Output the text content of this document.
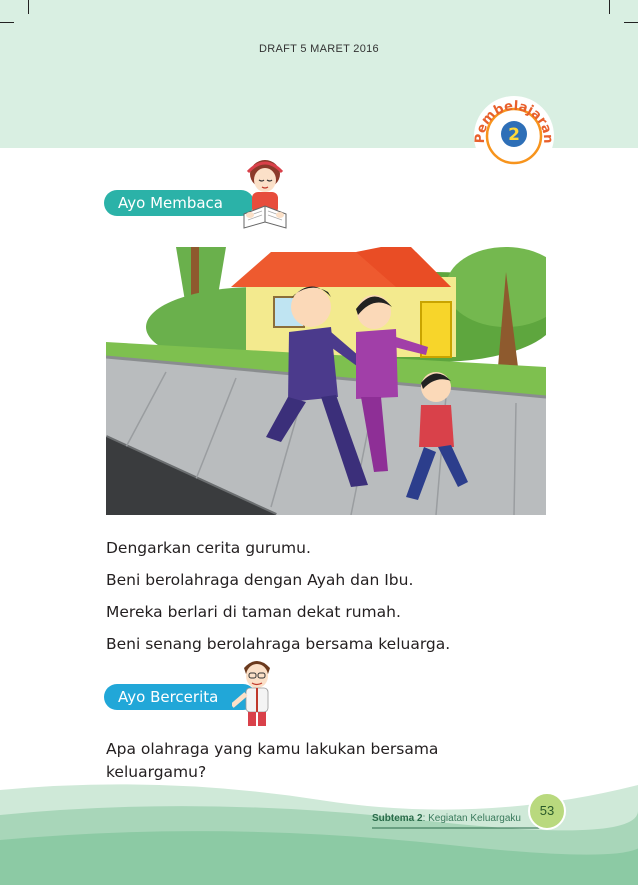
DRAFT 5 MARET 2016
Pembelajaran
2
Ayo Membaca

Dengarkan cerita gurumu.

Beni berolahraga dengan Ayah dan Ibu.

Mereka berlari di taman dekat rumah.

Beni senang berolahraga bersama keluarga.

Ayo Bercerita
Apa olahraga yang kamu lakukan bersama keluargamu?
Subtema 2: Kegiatan Keluargaku
53
